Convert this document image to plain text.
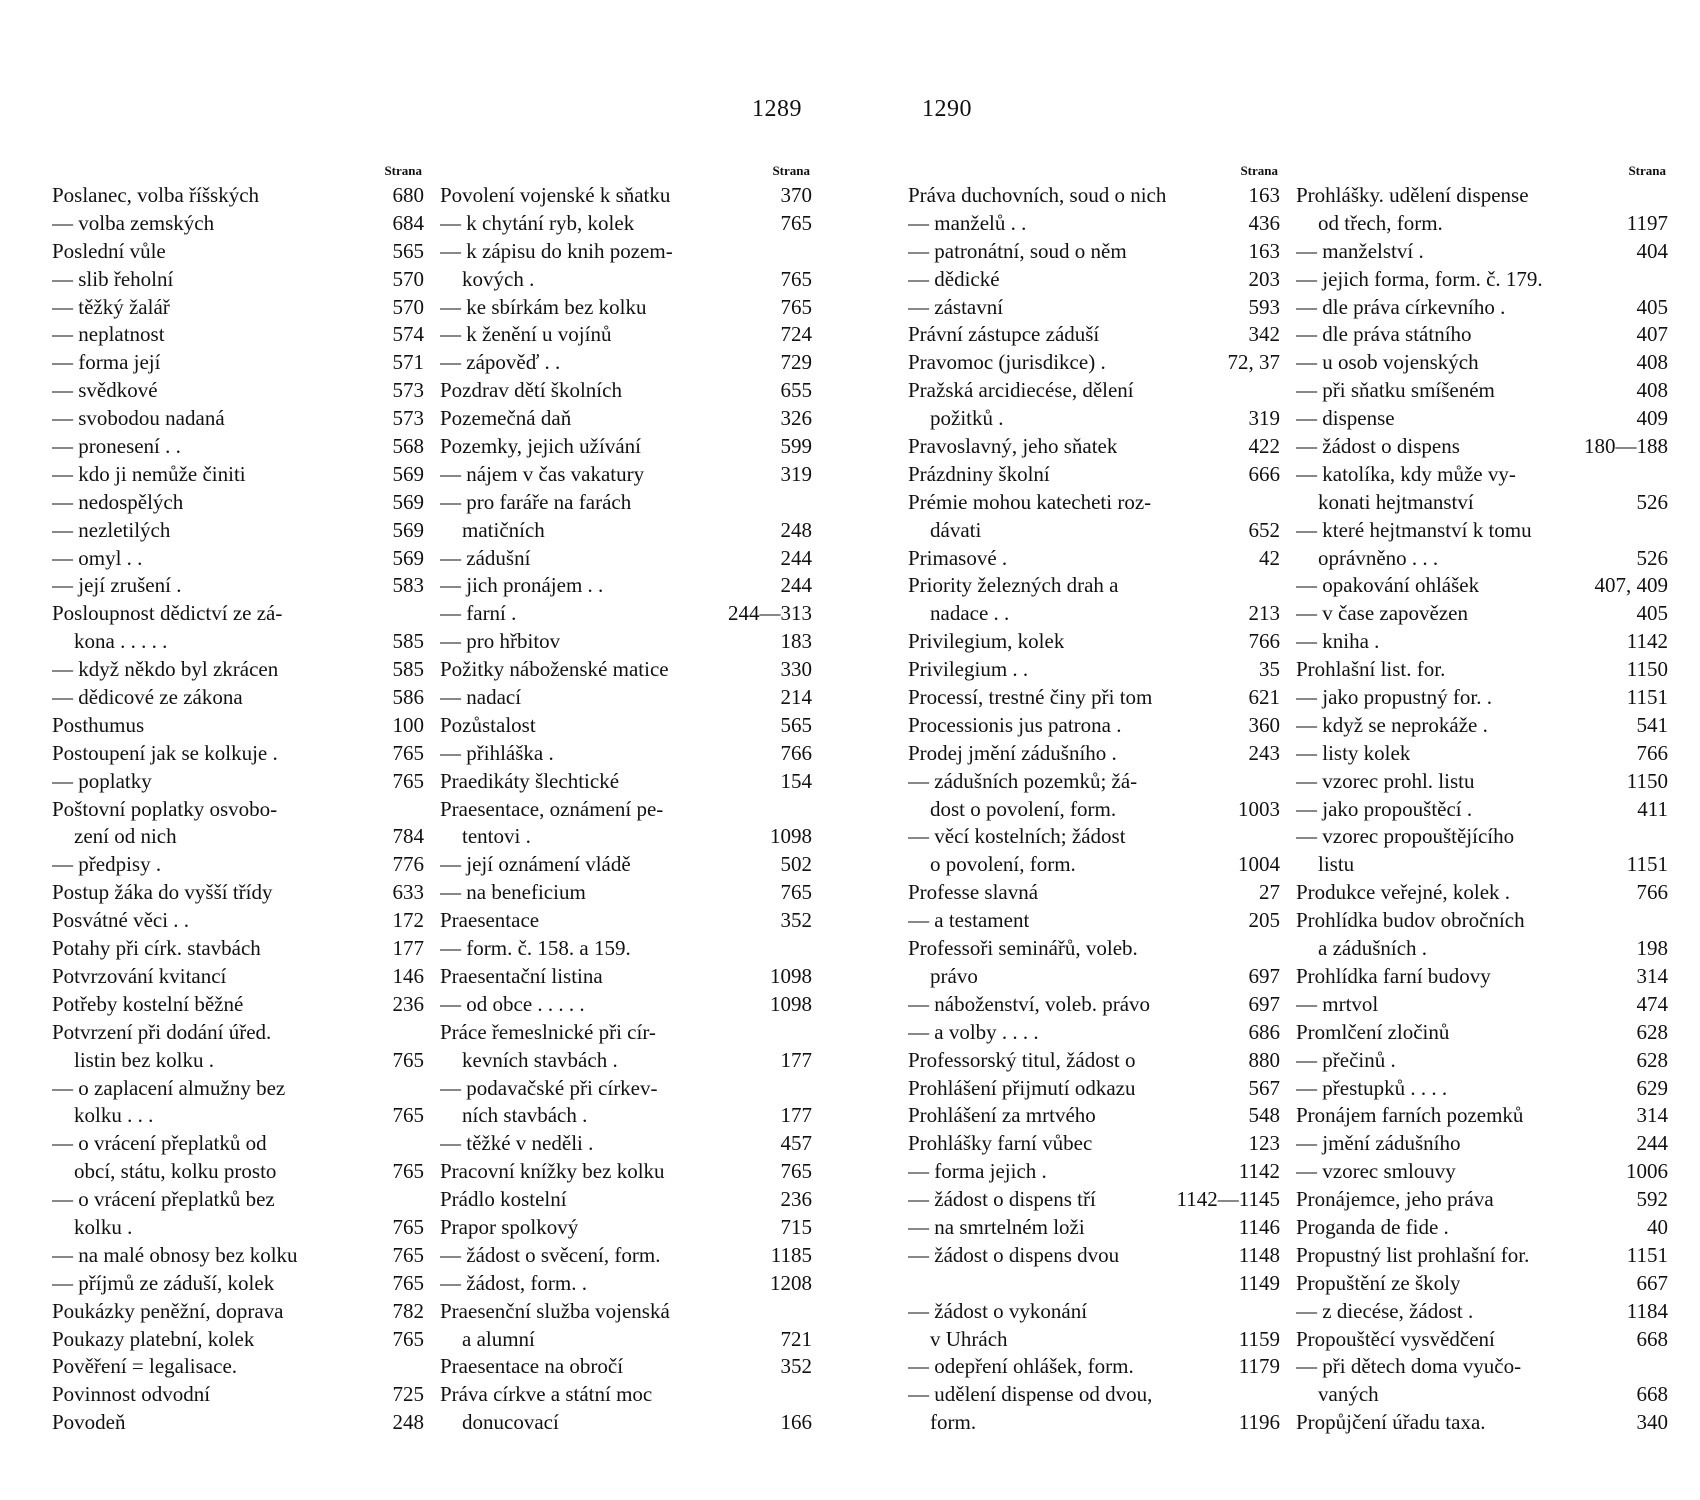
1289	1290
Strana
Poslanec, volba říšských	680
— volba zemských	684
Poslední vůle	565
— slib řeholní	570
— těžký žalář	570
— neplatnost	574
— forma její	571
— svědkové	573
— svobodou nadaná	573
— pronesení . .	568
— kdo ji nemůže činiti	569
— nedospělých	569
— nezletilých	569
— omyl . .	569
— její zrušení .	583
Posloupnost dědictví ze zá-
kona . . . . .	585
— když někdo byl zkrácen	585
— dědicové ze zákona	586
Posthumus	100
Postoupení jak se kolkuje .	765
— poplatky	765
Poštovní poplatky osvobo-
zení od nich	784
— předpisy .	776
Postup žáka do vyšší třídy	633
Posvátné věci . .	172
Potahy při círk. stavbách	177
Potvrzování kvitancí	146
Potřeby kostelní běžné	236
Potvrzení při dodání úřed.
listin bez kolku .	765
— o zaplacení almužny bez
kolku . . .	765
— o vrácení přeplatků od
obcí, státu, kolku prosto	765
— o vrácení přeplatků bez
kolku .	765
— na malé obnosy bez kolku	765
— příjmů ze záduší, kolek	765
Poukázky peněžní, doprava	782
Poukazy platební, kolek	765
Pověření = legalisace.
Povinnost odvodní	725
Povodeň	248
Strana
Povolení vojenské k sňatku	370
— k chytání ryb, kolek	765
— k zápisu do knih pozem-
kových .	765
— ke sbírkám bez kolku	765
— k ženění u vojínů	724
— zápověď . .	729
Pozdrav dětí školních	655
Pozemečná daň	326
Pozemky, jejich užívání	599
— nájem v čas vakatury	319
— pro faráře na farách
matičních	248
— zádušní	244
— jich pronájem . .	244
— farní .	244—313
— pro hřbitov	183
Požitky náboženské matice	330
— nadací	214
Pozůstalost	565
— přihláška .	766
Praedikáty šlechtické	154
Praesentace, oznámení pe-
tentovi .	1098
— její oznámení vládě	502
— na beneficium	765
Praesentace	352
— form. č. 158. a 159.
Praesentační listina	1098
— od obce . . . . .	1098
Práce řemeslnické při cír-
kevních stavbách .	177
— podavačské při církev-
ních stavbách .	177
— těžké v neděli .	457
Pracovní knížky bez kolku	765
Prádlo kostelní	236
Prapor spolkový	715
— žádost o svěcení, form.	1185
— žádost, form. .	1208
Praesenční služba vojenská
a alumní	721
Praesentace na obročí	352
Práva církve a státní moc
donucovací	166
Strana
Práva duchovních, soud o nich	163
— manželů . .	436
— patronátní, soud o něm	163
— dědické	203
— zástavní	593
Právní zástupce záduší	342
Pravomoc (jurisdikce) .	72, 37
Pražská arcidiecése, dělení
požitků .	319
Pravoslavný, jeho sňatek	422
Prázdniny školní	666
Prémie mohou katecheti roz-
dávati	652
Primasové .	42
Priority železných drah a
nadace . .	213
Privilegium, kolek	766
Privilegium . .	35
Processí, trestné činy při tom	621
Processionis jus patrona .	360
Prodej jmění zádušního .	243
— zádušních pozemků; žá-
dost o povolení, form.	1003
— věcí kostelních; žádost
o povolení, form.	1004
Professe slavná	27
— a testament	205
Professoři seminářů, voleb.
právo	697
— náboženství, voleb. právo	697
— a volby . . . .	686
Professorský titul, žádost o	880
Prohlášení přijmutí odkazu	567
Prohlášení za mrtvého	548
Prohlášky farní vůbec	123
— forma jejich .	1142
— žádost o dispens tří	1142—1145
— na smrtelném loži	1146
— žádost o dispens dvou	1148
1149
— žádost o vykonání
v Uhrách	1159
— odepření ohlášek, form.	1179
— udělení dispense od dvou,
form.	1196
Strana
Prohlášky. udělení dispense
od třech, form.	1197
— manželství .	404
— jejich forma, form. č. 179.
— dle práva církevního .	405
— dle práva státního	407
— u osob vojenských	408
— při sňatku smíšeném	408
— dispense	409
— žádost o dispens	180—188
— katolíka, kdy může vy-
konati hejtmanství	526
— které hejtmanství k tomu
oprávněno . . .	526
— opakování ohlášek	407, 409
— v čase zapovězen	405
— kniha .	1142
Prohlašní list. for.	1150
— jako propustný for. .	1151
— když se neprokáže .	541
— listy kolek	766
— vzorec prohl. listu	1150
— jako propouštěcí .	411
— vzorec propouštějícího
listu	1151
Produkce veřejné, kolek .	766
Prohlídka budov obročních
a zádušních .	198
Prohlídka farní budovy	314
— mrtvol	474
Promlčení zločinů	628
— přečinů .	628
— přestupků . . . .	629
Pronájem farních pozemků	314
— jmění zádušního	244
— vzorec smlouvy	1006
Pronájemce, jeho práva	592
Proganda de fide .	40
Propustný list prohlašní for.	1151
Propuštění ze školy	667
— z diecése, žádost .	1184
Propouštěcí vysvědčení	668
— při dětech doma vyučo-
vaných	668
Propůjčení úřadu taxa.	340
